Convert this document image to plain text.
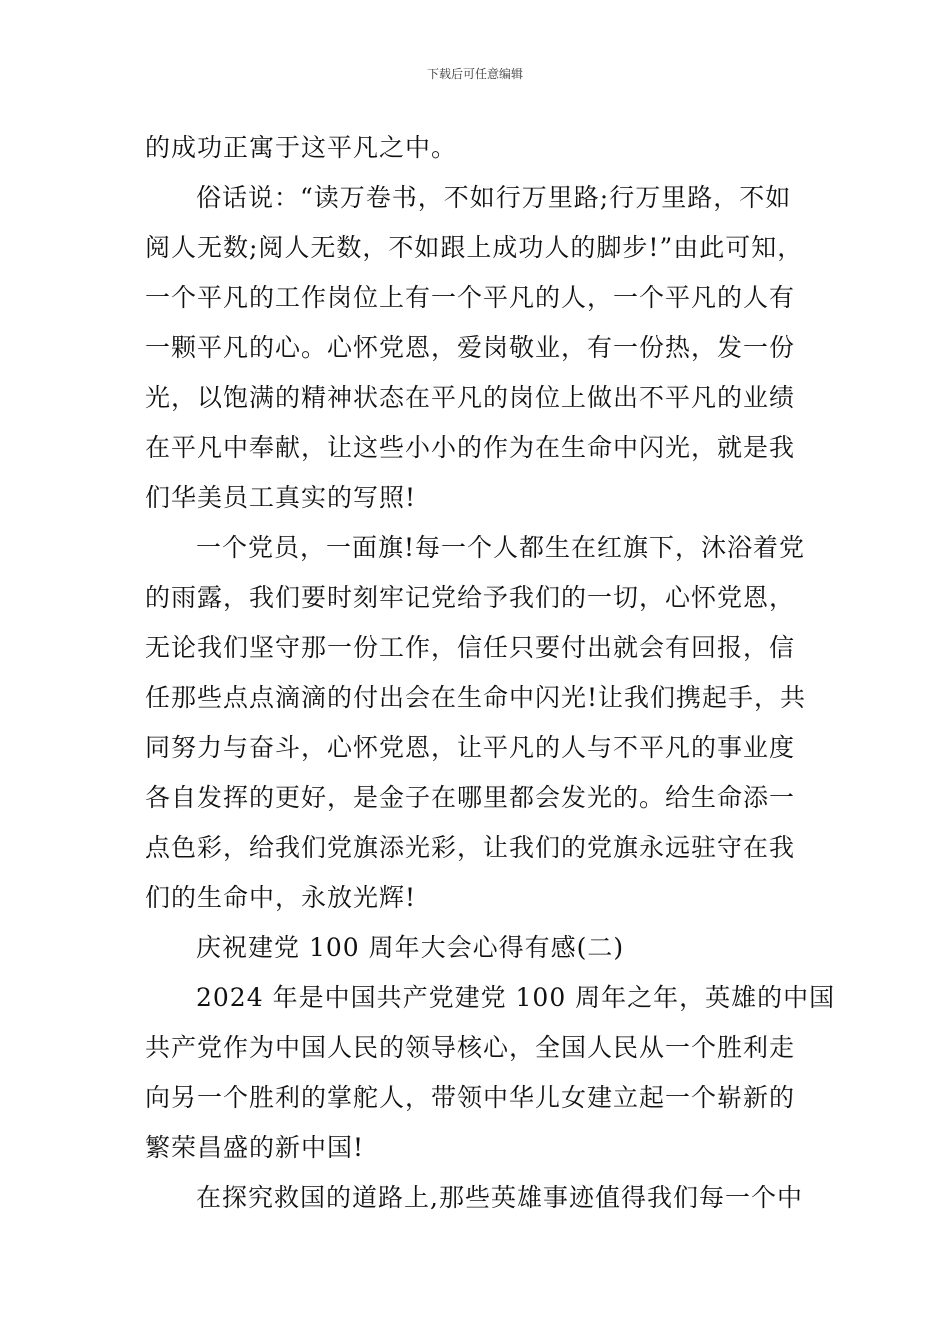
下载后可任意编辑
的成功正寓于这平凡之中。
俗话说：“读万卷书，不如行万里路;行万里路，不如
阅人无数;阅人无数，不如跟上成功人的脚步!”由此可知，
一个平凡的工作岗位上有一个平凡的人，一个平凡的人有
一颗平凡的心。心怀党恩，爱岗敬业，有一份热，发一份
光，以饱满的精神状态在平凡的岗位上做出不平凡的业绩
在平凡中奉献，让这些小小的作为在生命中闪光，就是我
们华美员工真实的写照!
一个党员，一面旗!每一个人都生在红旗下，沐浴着党
的雨露，我们要时刻牢记党给予我们的一切，心怀党恩，
无论我们坚守那一份工作，信任只要付出就会有回报，信
任那些点点滴滴的付出会在生命中闪光!让我们携起手，共
同努力与奋斗，心怀党恩，让平凡的人与不平凡的事业度
各自发挥的更好，是金子在哪里都会发光的。给生命添一
点色彩，给我们党旗添光彩，让我们的党旗永远驻守在我
们的生命中，永放光辉!
庆祝建党 100 周年大会心得有感(二)
2024 年是中国共产党建党 100 周年之年，英雄的中国
共产党作为中国人民的领导核心，全国人民从一个胜利走
向另一个胜利的掌舵人，带领中华儿女建立起一个崭新的
繁荣昌盛的新中国!
在探究救国的道路上,那些英雄事迹值得我们每一个中
